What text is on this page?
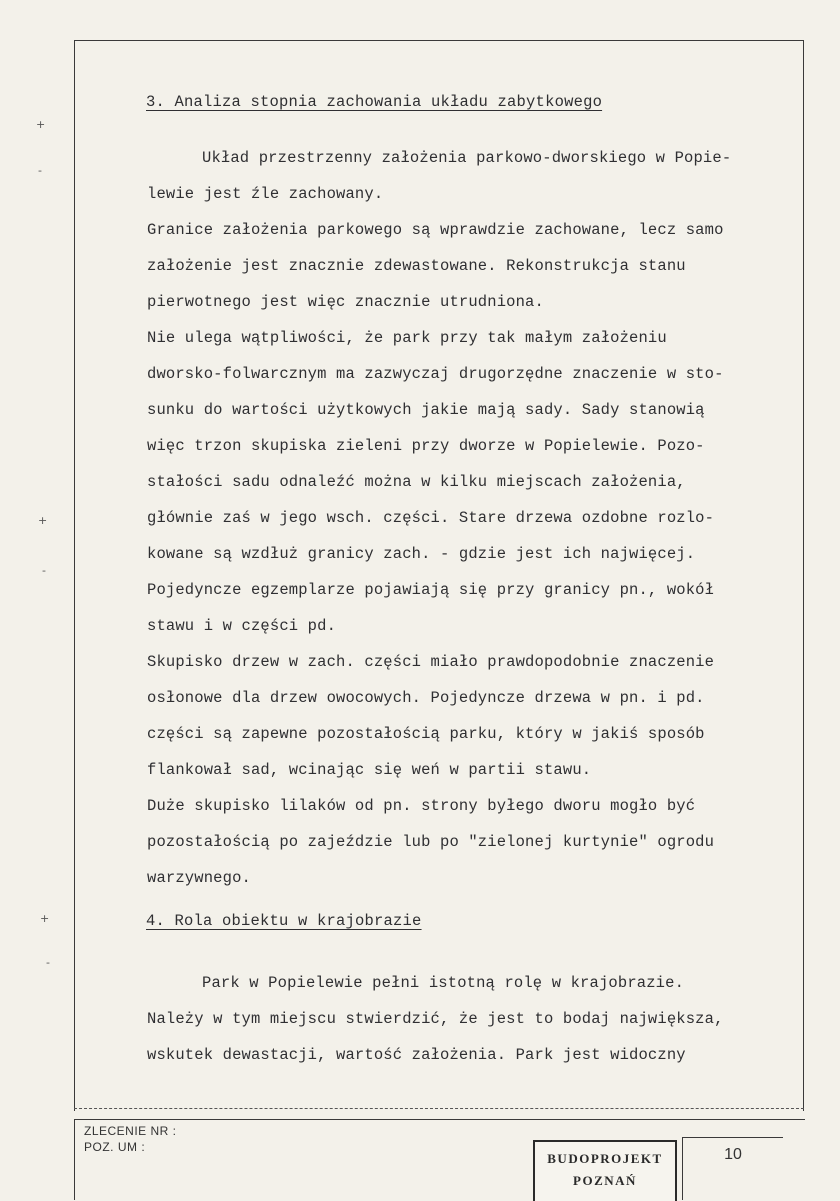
+
-
+
-
+
-
3. Analiza stopnia zachowania układu zabytkowego
Układ przestrzenny założenia parkowo-dworskiego w Popie-
lewie jest źle zachowany.
Granice założenia parkowego są wprawdzie zachowane, lecz samo
założenie jest znacznie zdewastowane. Rekonstrukcja stanu
pierwotnego jest więc znacznie utrudniona.
Nie ulega wątpliwości, że park przy tak małym założeniu
dworsko-folwarcznym ma zazwyczaj drugorzędne znaczenie w sto-
sunku do wartości użytkowych jakie mają sady. Sady stanowią
więc trzon skupiska zieleni przy dworze w Popielewie. Pozo-
stałości sadu odnaleźć można w kilku miejscach założenia,
głównie zaś w jego wsch. części. Stare drzewa ozdobne rozlo-
kowane są wzdłuż granicy zach. - gdzie jest ich najwięcej.
Pojedyncze egzemplarze pojawiają się przy granicy pn., wokół
stawu i w części pd.
Skupisko drzew w zach. części miało prawdopodobnie znaczenie
osłonowe dla drzew owocowych. Pojedyncze drzewa w pn. i pd.
części są zapewne pozostałością parku, który w jakiś sposób
flankował sad, wcinając się weń w partii stawu.
Duże skupisko lilaków od pn. strony byłego dworu mogło być
pozostałością po zajeździe lub po "zielonej kurtynie" ogrodu
warzywnego.
4. Rola obiektu w krajobrazie
Park w Popielewie pełni istotną rolę w krajobrazie.
Należy w tym miejscu stwierdzić, że jest to bodaj największa,
wskutek dewastacji, wartość założenia. Park jest widoczny
ZLECENIE NR :
POZ. UM :
BUDOPROJEKT
POZNAŃ
10
